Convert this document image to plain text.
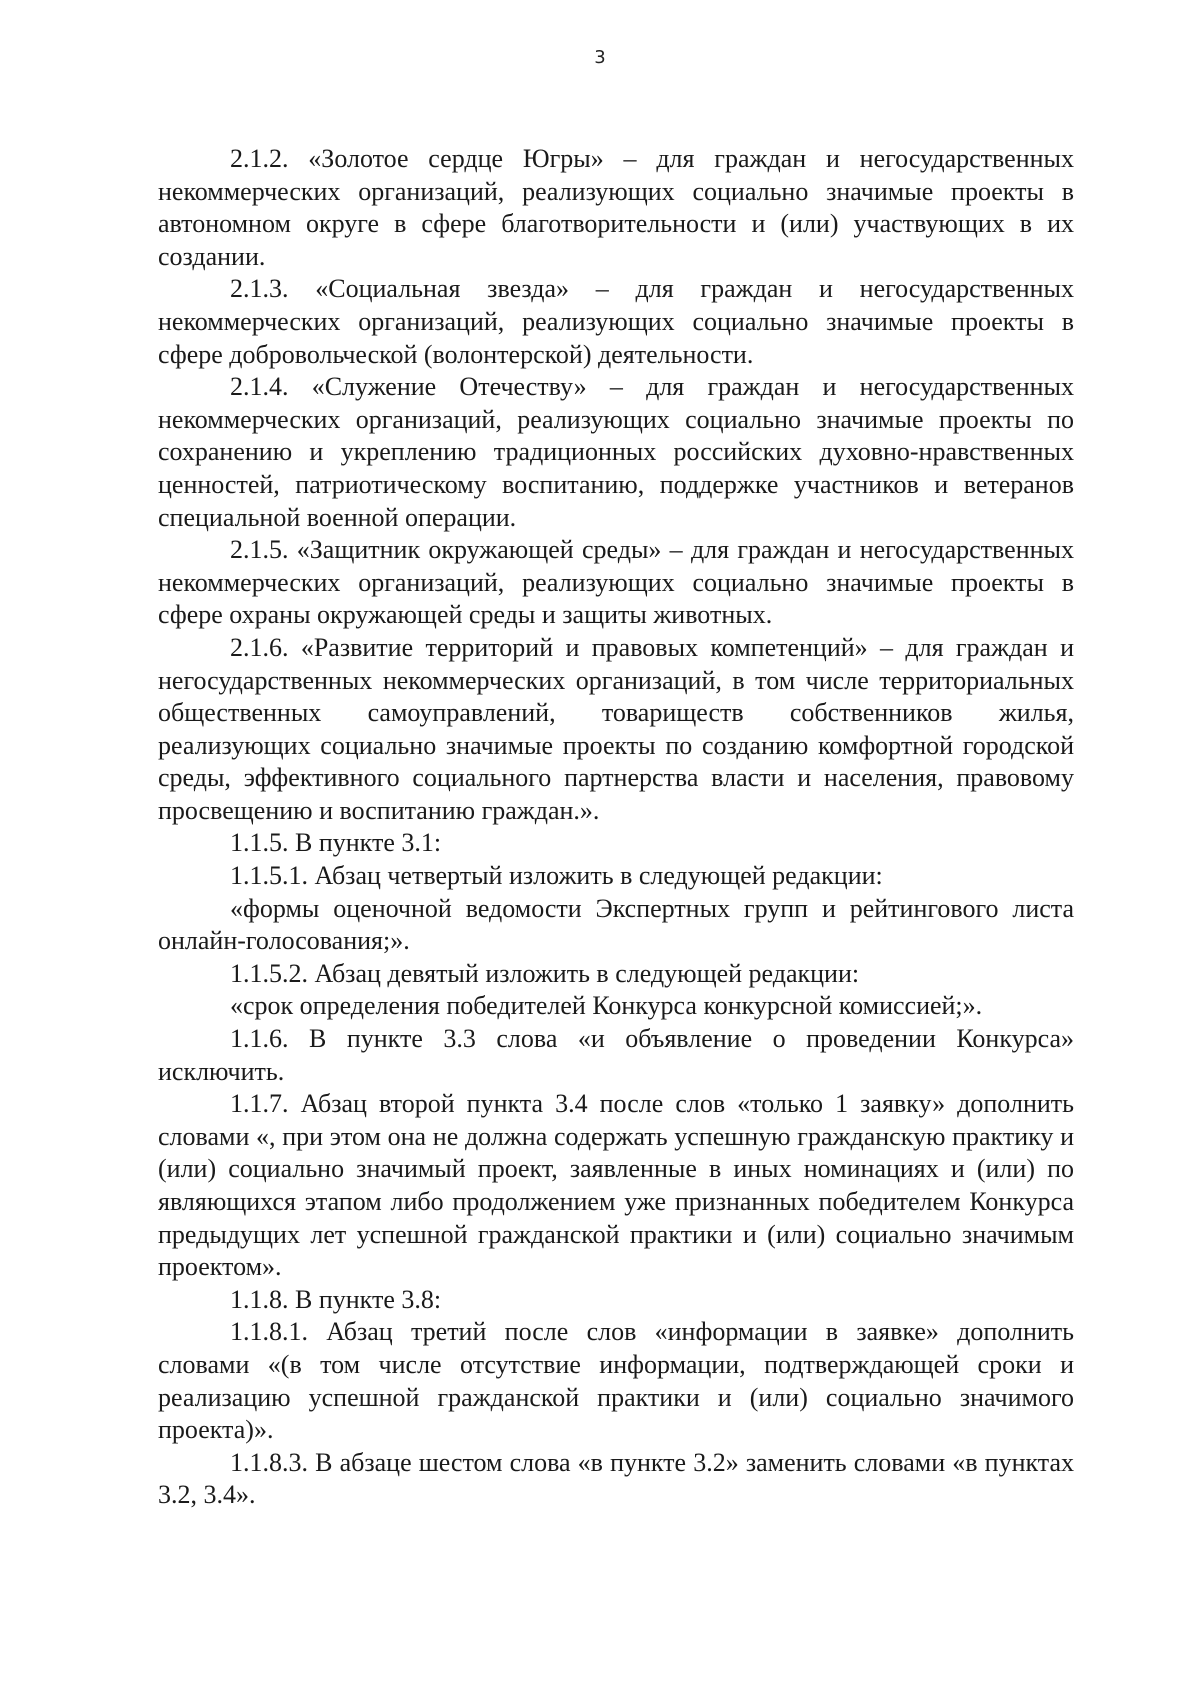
3

2.1.2. «Золотое сердце Югры» – для граждан и негосударственных некоммерческих организаций, реализующих социально значимые проекты в автономном округе в сфере благотворительности и (или) участвующих в их создании.

2.1.3. «Социальная звезда» – для граждан и негосударственных некоммерческих организаций, реализующих социально значимые проекты в сфере добровольческой (волонтерской) деятельности.

2.1.4. «Служение Отечеству» – для граждан и негосударственных некоммерческих организаций, реализующих социально значимые проекты по сохранению и укреплению традиционных российских духовно-нравственных ценностей, патриотическому воспитанию, поддержке участников и ветеранов специальной военной операции.

2.1.5. «Защитник окружающей среды» – для граждан и негосударственных некоммерческих организаций, реализующих социально значимые проекты в сфере охраны окружающей среды и защиты животных.

2.1.6. «Развитие территорий и правовых компетенций» – для граждан и негосударственных некоммерческих организаций, в том числе территориальных общественных самоуправлений, товариществ собственников жилья, реализующих социально значимые проекты по созданию комфортной городской среды, эффективного социального партнерства власти и населения, правовому просвещению и воспитанию граждан.».

1.1.5. В пункте 3.1:

1.1.5.1. Абзац четвертый изложить в следующей редакции:

«формы оценочной ведомости Экспертных групп и рейтингового листа онлайн-голосования;».

1.1.5.2. Абзац девятый изложить в следующей редакции:

«срок определения победителей Конкурса конкурсной комиссией;».

1.1.6. В пункте 3.3 слова «и объявление о проведении Конкурса» исключить.

1.1.7. Абзац второй пункта 3.4 после слов «только 1 заявку» дополнить словами «, при этом она не должна содержать успешную гражданскую практику и (или) социально значимый проект, заявленные в иных номинациях и (или) по являющихся этапом либо продолжением уже признанных победителем Конкурса предыдущих лет успешной гражданской практики и (или) социально значимым проектом».

1.1.8. В пункте 3.8:

1.1.8.1. Абзац третий после слов «информации в заявке» дополнить словами «(в том числе отсутствие информации, подтверждающей сроки и реализацию успешной гражданской практики и (или) социально значимого проекта)».

1.1.8.3. В абзаце шестом слова «в пункте 3.2» заменить словами «в пунктах 3.2, 3.4».
